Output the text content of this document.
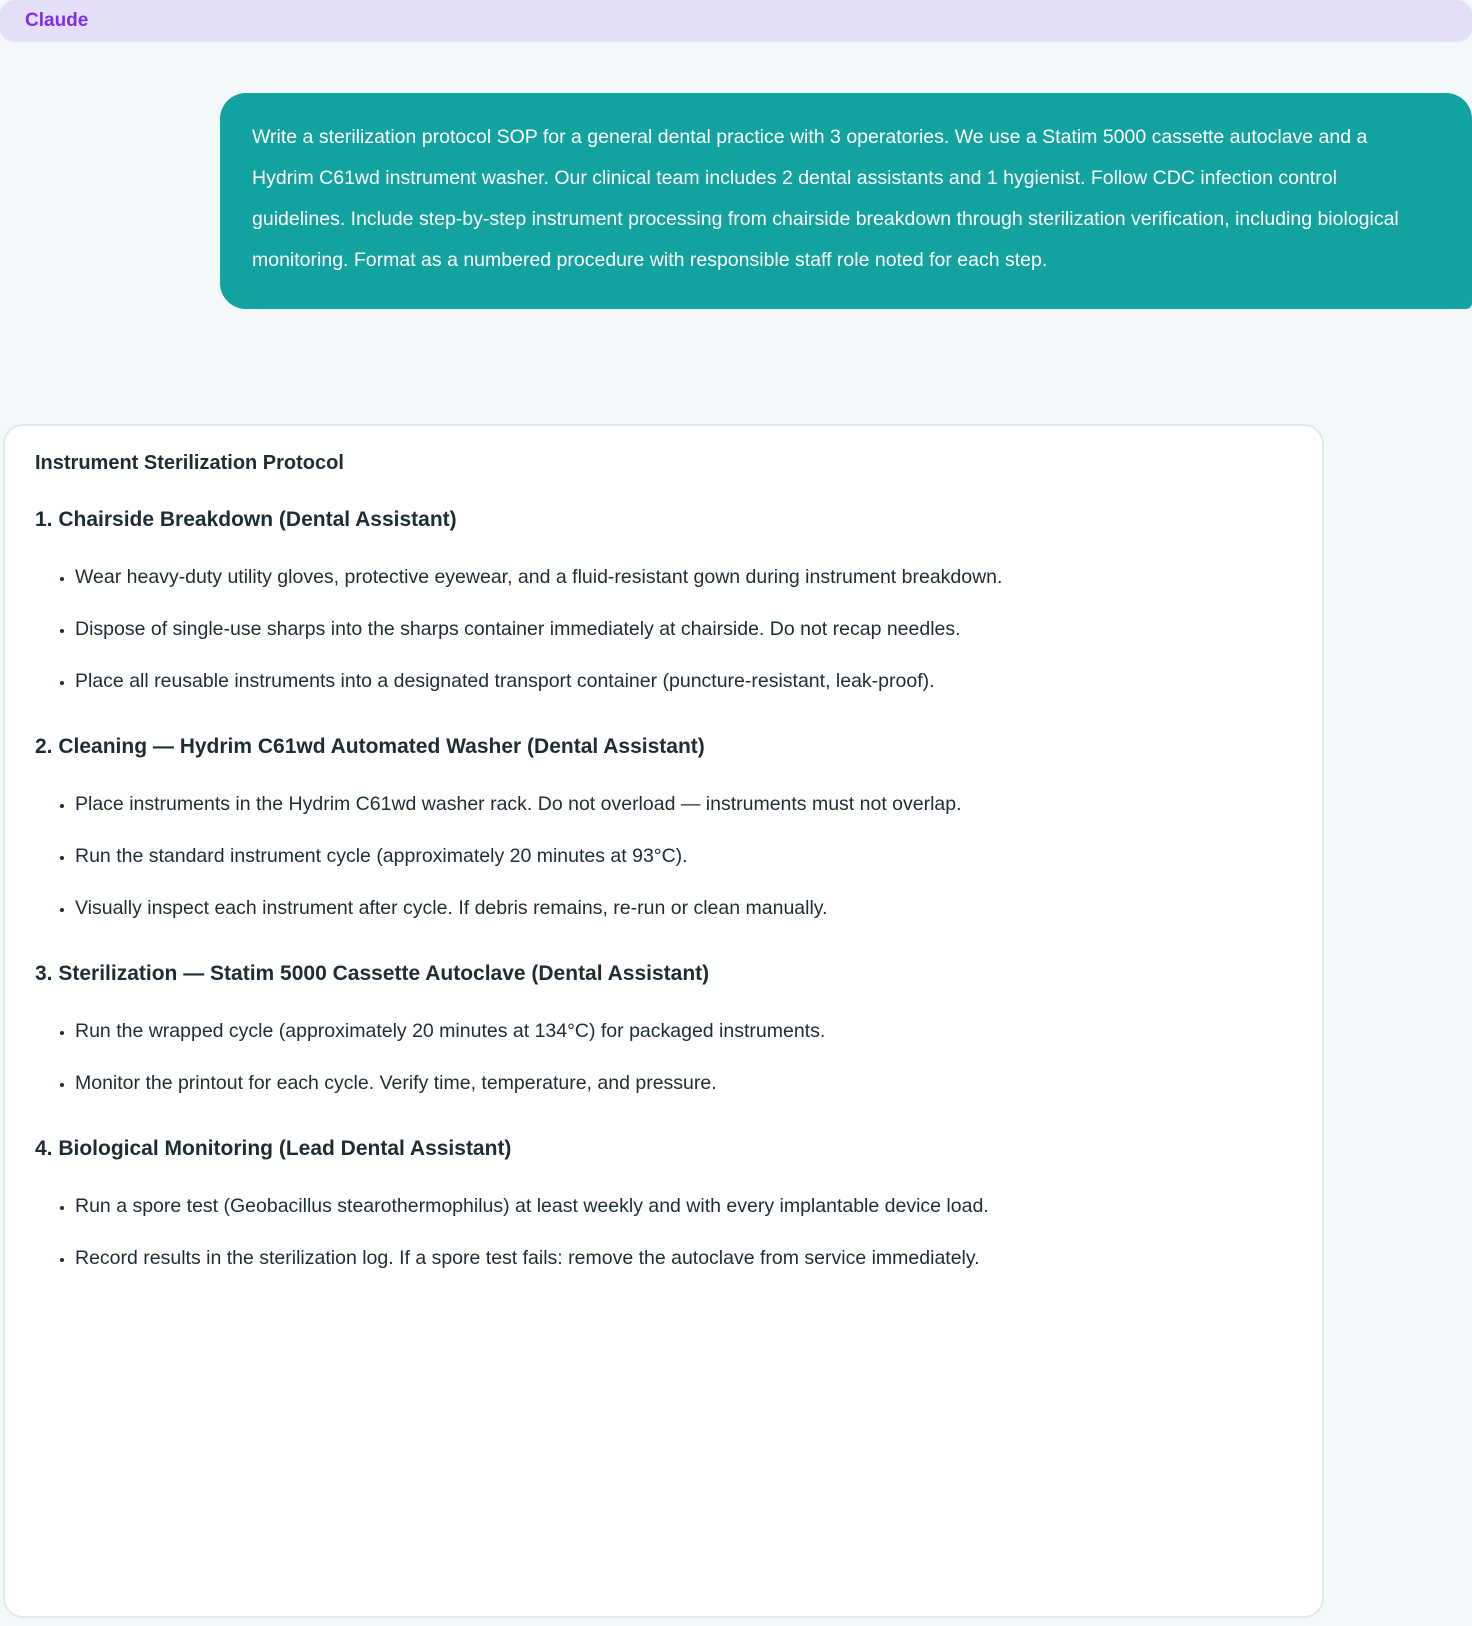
Claude

Write a sterilization protocol SOP for a general dental practice with 3 operatories. We use a Statim 5000 cassette autoclave and a Hydrim C61wd instrument washer. Our clinical team includes 2 dental assistants and 1 hygienist. Follow CDC infection control guidelines. Include step-by-step instrument processing from chairside breakdown through sterilization verification, including biological monitoring. Format as a numbered procedure with responsible staff role noted for each step.

Instrument Sterilization Protocol
1. Chairside Breakdown (Dental Assistant)
• Wear heavy-duty utility gloves, protective eyewear, and a fluid-resistant gown during instrument breakdown.
• Dispose of single-use sharps into the sharps container immediately at chairside. Do not recap needles.
• Place all reusable instruments into a designated transport container (puncture-resistant, leak-proof).
2. Cleaning — Hydrim C61wd Automated Washer (Dental Assistant)
• Place instruments in the Hydrim C61wd washer rack. Do not overload — instruments must not overlap.
• Run the standard instrument cycle (approximately 20 minutes at 93°C).
• Visually inspect each instrument after cycle. If debris remains, re-run or clean manually.
3. Sterilization — Statim 5000 Cassette Autoclave (Dental Assistant)
• Run the wrapped cycle (approximately 20 minutes at 134°C) for packaged instruments.
• Monitor the printout for each cycle. Verify time, temperature, and pressure.
4. Biological Monitoring (Lead Dental Assistant)
• Run a spore test (Geobacillus stearothermophilus) at least weekly and with every implantable device load.
• Record results in the sterilization log. If a spore test fails: remove the autoclave from service immediately.
